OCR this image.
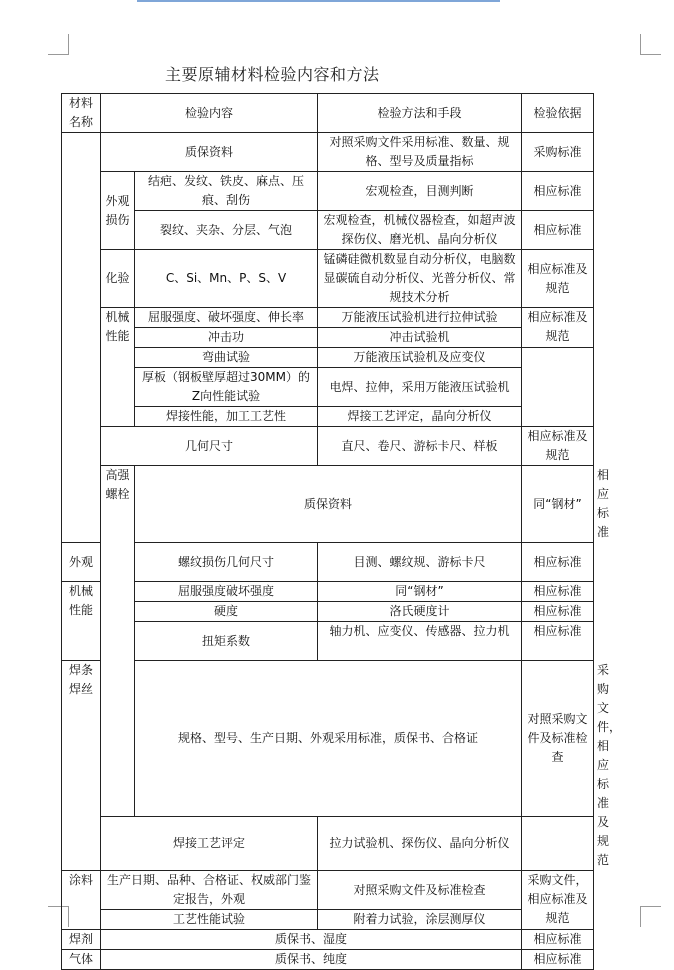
主要原辅材料检验内容和方法
材料名称	检验内容		检验方法和手段	检验依据	
	质保资料		对照采购文件采用标准、数量、规格、型号及质量指标	采购标准	
	外观损伤	结疤、发纹、铁皮、麻点、压痕、刮伤	宏观检查，目测判断	相应标准	
		裂纹、夹杂、分层、气泡	宏观检查，机械仪器检查，如超声波探伤仪、磨光机、晶向分析仪	相应标准	
	化验	C、Si、Mn、P、S、V	锰磷硅微机数显自动分析仪，电脑数显碳硫自动分析仪、光普分析仪、常规技术分析	相应标准及规范	
	机械性能	屈服强度、破坏强度、伸长率	万能液压试验机进行拉伸试验	相应标准及规范	
		冲击功	冲击试验机		
		弯曲试验	万能液压试验机及应变仪		
		厚板（钢板壁厚超过30MM）的Z向性能试验	电焊、拉伸，采用万能液压试验机		
		焊接性能，加工工艺性	焊接工艺评定，晶向分析仪		
	几何尺寸		直尺、卷尺、游标卡尺、样板	相应标准及规范	
	高强螺栓	质保资料		同“钢材”	相应标准
外观		螺纹损伤几何尺寸	目测、螺纹规、游标卡尺	相应标准	
机械性能		屈服强度破坏强度	同“钢材”	相应标准	
		硬度	洛氏硬度计	相应标准	
		扭矩系数	轴力机、应变仪、传感器、拉力机	相应标准	
焊条焊丝		规格、型号、生产日期、外观采用标准，质保书、合格证		对照采购文件及标准检查	采购文件，相应标准及规范
	焊接工艺评定		拉力试验机、探伤仪、晶向分析仪		
涂料	生产日期、品种、合格证、权威部门鉴定报告，外观		对照采购文件及标准检查	采购文件，相应标准及规范	
	工艺性能试验		附着力试验，涂层测厚仪		
焊剂	质保书、湿度			相应标准	
气体	质保书、纯度			相应标准	
